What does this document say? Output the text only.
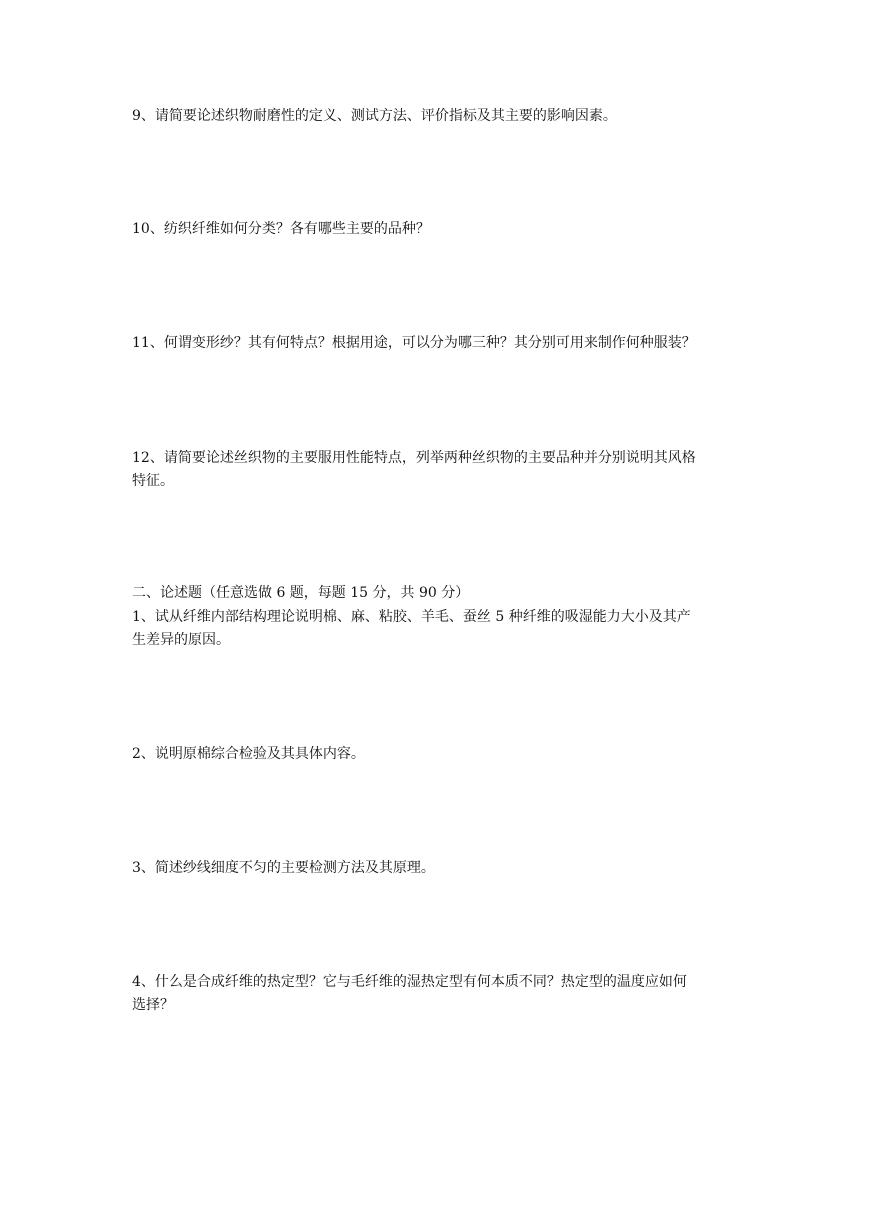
9、请简要论述织物耐磨性的定义、测试方法、评价指标及其主要的影响因素。
10、纺织纤维如何分类？各有哪些主要的品种？
11、何谓变形纱？其有何特点？根据用途，可以分为哪三种？其分别可用来制作何种服装？
12、请简要论述丝织物的主要服用性能特点，列举两种丝织物的主要品种并分别说明其风格
特征。
二、论述题（任意选做 6 题，每题 15 分，共 90 分）
1、试从纤维内部结构理论说明棉、麻、粘胶、羊毛、蚕丝 5 种纤维的吸湿能力大小及其产
生差异的原因。
2、说明原棉综合检验及其具体内容。
3、简述纱线细度不匀的主要检测方法及其原理。
4、什么是合成纤维的热定型？它与毛纤维的湿热定型有何本质不同？热定型的温度应如何
选择？
